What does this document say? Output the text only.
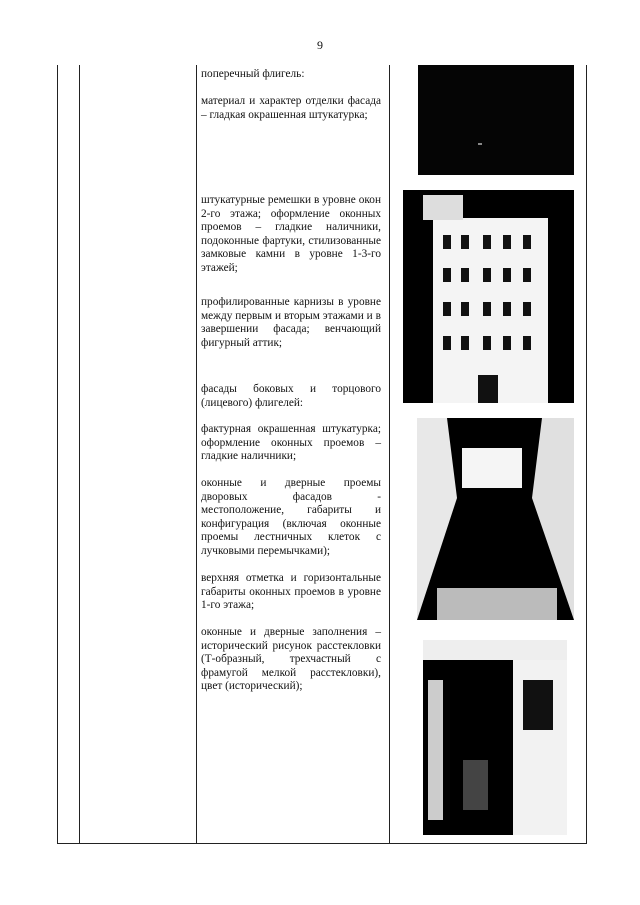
9
поперечный флигель:
материал и характер отделки фасада – гладкая окрашенная штукатурка;
штукатурные ремешки в уровне окон 2-го этажа; оформление оконных проемов – гладкие наличники, подоконные фартуки, стилизованные замковые камни в уровне 1-3-го этажей;
профилированные карнизы в уровне между первым и вторым этажами и в завершении фасада; венчающий фигурный аттик;
фасады боковых и торцового (лицевого) флигелей:
фактурная окрашенная штукатурка; оформление оконных проемов – гладкие наличники;
оконные и дверные проемы дворовых фасадов - местоположение, габариты и конфигурация (включая оконные проемы лестничных клеток с лучковыми перемычками);
верхняя отметка и горизонтальные габариты оконных проемов в уровне 1-го этажа;
оконные и дверные заполнения – исторический рисунок расстекловки (Т-образный, трехчастный с фрамугой мелкой расстекловки), цвет (исторический);
